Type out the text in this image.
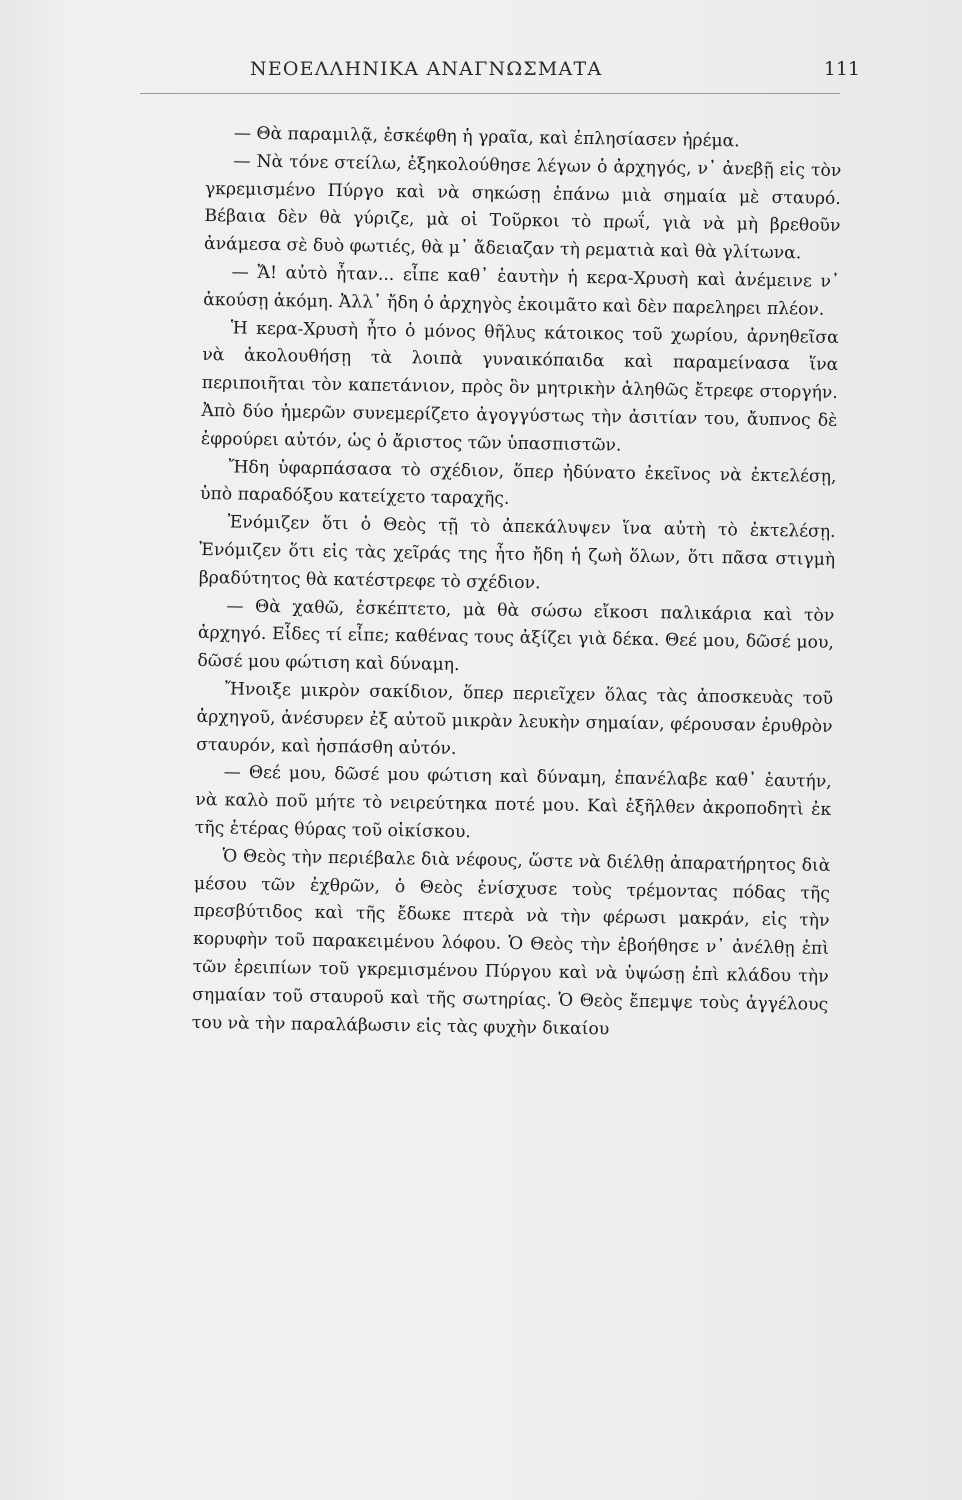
ΝΕΟΕΛΛΗΝΙΚΑ ΑΝΑΓΝΩΣΜΑΤΑ	111

— Θὰ παραμιλᾷ, ἐσκέφθη ἡ γραῖα, καὶ ἐπλησίασεν ἠρέμα.

— Νὰ τόνε στείλω, ἐξηκολούθησε λέγων ὁ ἀρχηγός, ν᾿ ἀνεβῇ εἰς τὸν γκρεμισμένο Πύργο καὶ νὰ σηκώσῃ ἐπάνω μιὰ σημαία μὲ σταυρό. Βέβαια δὲν θὰ γύριζε, μὰ οἱ Τοῦρκοι τὸ πρωΐ, γιὰ νὰ μὴ βρεθοῦν ἀνάμεσα σὲ δυὸ φωτιές, θὰ μ᾿ ἄδειαζαν τὴ ρεματιὰ καὶ θὰ γλίτωνα.

— Ἄ! αὐτὸ ἦταν... εἶπε καθ᾿ ἑαυτὴν ἡ κερα-Χρυσὴ καὶ ἀνέμεινε ν᾿ ἀκούσῃ ἀκόμη. Ἀλλ᾿ ἤδη ὁ ἀρχηγὸς ἐκοιμᾶτο καὶ δὲν παρεληρει πλέον.

Ἡ κερα-Χρυσὴ ἦτο ὁ μόνος θῆλυς κάτοικος τοῦ χωρίου, ἀρνηθεῖσα νὰ ἀκολουθήσῃ τὰ λοιπὰ γυναικόπαιδα καὶ παραμείνασα ἵνα περιποιῆται τὸν καπετάνιον, πρὸς ὃν μητρικὴν ἀληθῶς ἔτρεφε στοργήν. Ἀπὸ δύο ἡμερῶν συνεμερίζετο ἀγογγύστως τὴν ἀσιτίαν του, ἄυπνος δὲ ἐφρούρει αὐτόν, ὡς ὁ ἄριστος τῶν ὑπασπιστῶν.

Ἤδη ὑφαρπάσασα τὸ σχέδιον, ὅπερ ἠδύνατο ἐκεῖνος νὰ ἐκτελέσῃ, ὑπὸ παραδόξου κατείχετο ταραχῆς.

Ἐνόμιζεν ὅτι ὁ Θεὸς τῇ τὸ ἀπεκάλυψεν ἵνα αὐτὴ τὸ ἐκτελέσῃ. Ἐνόμιζεν ὅτι εἰς τὰς χεῖράς της ἦτο ἤδη ἡ ζωὴ ὅλων, ὅτι πᾶσα στιγμὴ βραδύτητος θὰ κατέστρεφε τὸ σχέδιον.

— Θὰ χαθῶ, ἐσκέπτετο, μὰ θὰ σώσω εἴκοσι παλικάρια καὶ τὸν ἀρχηγό. Εἶδες τί εἶπε; καθένας τους ἀξίζει γιὰ δέκα. Θεέ μου, δῶσέ μου, δῶσέ μου φώτιση καὶ δύναμη.

Ἤνοιξε μικρὸν σακίδιον, ὅπερ περιεῖχεν ὅλας τὰς ἀποσκευὰς τοῦ ἀρχηγοῦ, ἀνέσυρεν ἐξ αὐτοῦ μικρὰν λευκὴν σημαίαν, φέρουσαν ἐρυθρὸν σταυρόν, καὶ ἠσπάσθη αὐτόν.

— Θεέ μου, δῶσέ μου φώτιση καὶ δύναμη, ἐπανέλαβε καθ᾿ ἑαυτήν, νὰ καλὸ ποῦ μήτε τὸ νειρεύτηκα ποτέ μου. Καὶ ἐξῆλθεν ἀκροποδητὶ ἐκ τῆς ἑτέρας θύρας τοῦ οἰκίσκου.

Ὁ Θεὸς τὴν περιέβαλε διὰ νέφους, ὥστε νὰ διέλθῃ ἀπαρατήρητος διὰ μέσου τῶν ἐχθρῶν, ὁ Θεὸς ἐνίσχυσε τοὺς τρέμοντας πόδας τῆς πρεσβύτιδος καὶ τῆς ἔδωκε πτερὰ νὰ τὴν φέρωσι μακράν, εἰς τὴν κορυφὴν τοῦ παρακειμένου λόφου. Ὁ Θεὸς τὴν ἐβοήθησε ν᾿ ἀνέλθῃ ἐπὶ τῶν ἐρειπίων τοῦ γκρεμισμένου Πύργου καὶ νὰ ὑψώσῃ ἐπὶ κλάδου τὴν σημαίαν τοῦ σταυροῦ καὶ τῆς σωτηρίας. Ὁ Θεὸς ἔπεμψε τοὺς ἀγγέλους του νὰ τὴν παραλάβωσιν εἰς τὰς φυχὴν δικαίου
